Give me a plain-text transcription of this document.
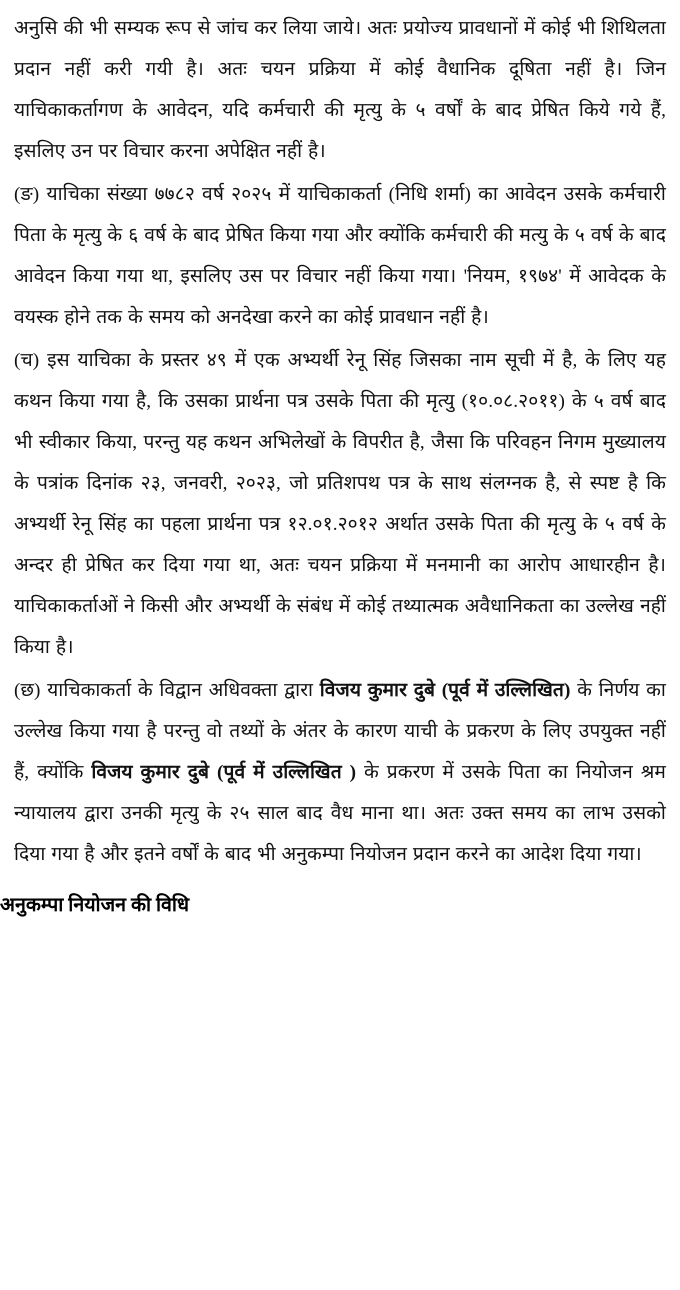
अनुसि की भी सम्यक रूप से जांच कर लिया जाये। अतः प्रयोज्य प्रावधानों में कोई भी शिथिलता प्रदान नहीं करी गयी है। अतः चयन प्रक्रिया में कोई वैधानिक दूषिता नहीं है। जिन याचिकाकर्तागण के आवेदन, यदि कर्मचारी की मृत्यु के ५ वर्षों के बाद प्रेषित किये गये हैं, इसलिए उन पर विचार करना अपेक्षित नहीं है।

(ङ) याचिका संख्या ७७८२ वर्ष २०२५ में याचिकाकर्ता (निधि शर्मा) का आवेदन उसके कर्मचारी पिता के मृत्यु के ६ वर्ष के बाद प्रेषित किया गया और क्योंकि कर्मचारी की मत्यु के ५ वर्ष के बाद आवेदन किया गया था, इसलिए उस पर विचार नहीं किया गया। 'नियम, १९७४' में आवेदक के वयस्क होने तक के समय को अनदेखा करने का कोई प्रावधान नहीं है।

(च) इस याचिका के प्रस्तर ४९ में एक अभ्यर्थी रेनू सिंह जिसका नाम सूची में है, के लिए यह कथन किया गया है, कि उसका प्रार्थना पत्र उसके पिता की मृत्यु (१०.०८.२०११) के ५ वर्ष बाद भी स्वीकार किया, परन्तु यह कथन अभिलेखों के विपरीत है, जैसा कि परिवहन निगम मुख्यालय के पत्रांक दिनांक २३, जनवरी, २०२३, जो प्रतिशपथ पत्र के साथ संलग्नक है, से स्पष्ट है कि अभ्यर्थी रेनू सिंह का पहला प्रार्थना पत्र १२.०१.२०१२ अर्थात उसके पिता की मृत्यु के ५ वर्ष के अन्दर ही प्रेषित कर दिया गया था, अतः चयन प्रक्रिया में मनमानी का आरोप आधारहीन है। याचिकाकर्ताओं ने किसी और अभ्यर्थी के संबंध में कोई तथ्यात्मक अवैधानिकता का उल्लेख नहीं किया है।

(छ) याचिकाकर्ता के विद्वान अधिवक्ता द्वारा विजय कुमार दुबे (पूर्व में उल्लिखित) के निर्णय का उल्लेख किया गया है परन्तु वो तथ्यों के अंतर के कारण याची के प्रकरण के लिए उपयुक्त नहीं हैं, क्योंकि विजय कुमार दुबे (पूर्व में उल्लिखित ) के प्रकरण में उसके पिता का नियोजन श्रम न्यायालय द्वारा उनकी मृत्यु के २५ साल बाद वैध माना था। अतः उक्त समय का लाभ उसको दिया गया है और इतने वर्षों के बाद भी अनुकम्पा नियोजन प्रदान करने का आदेश दिया गया।

अनुकम्पा नियोजन की विधि
